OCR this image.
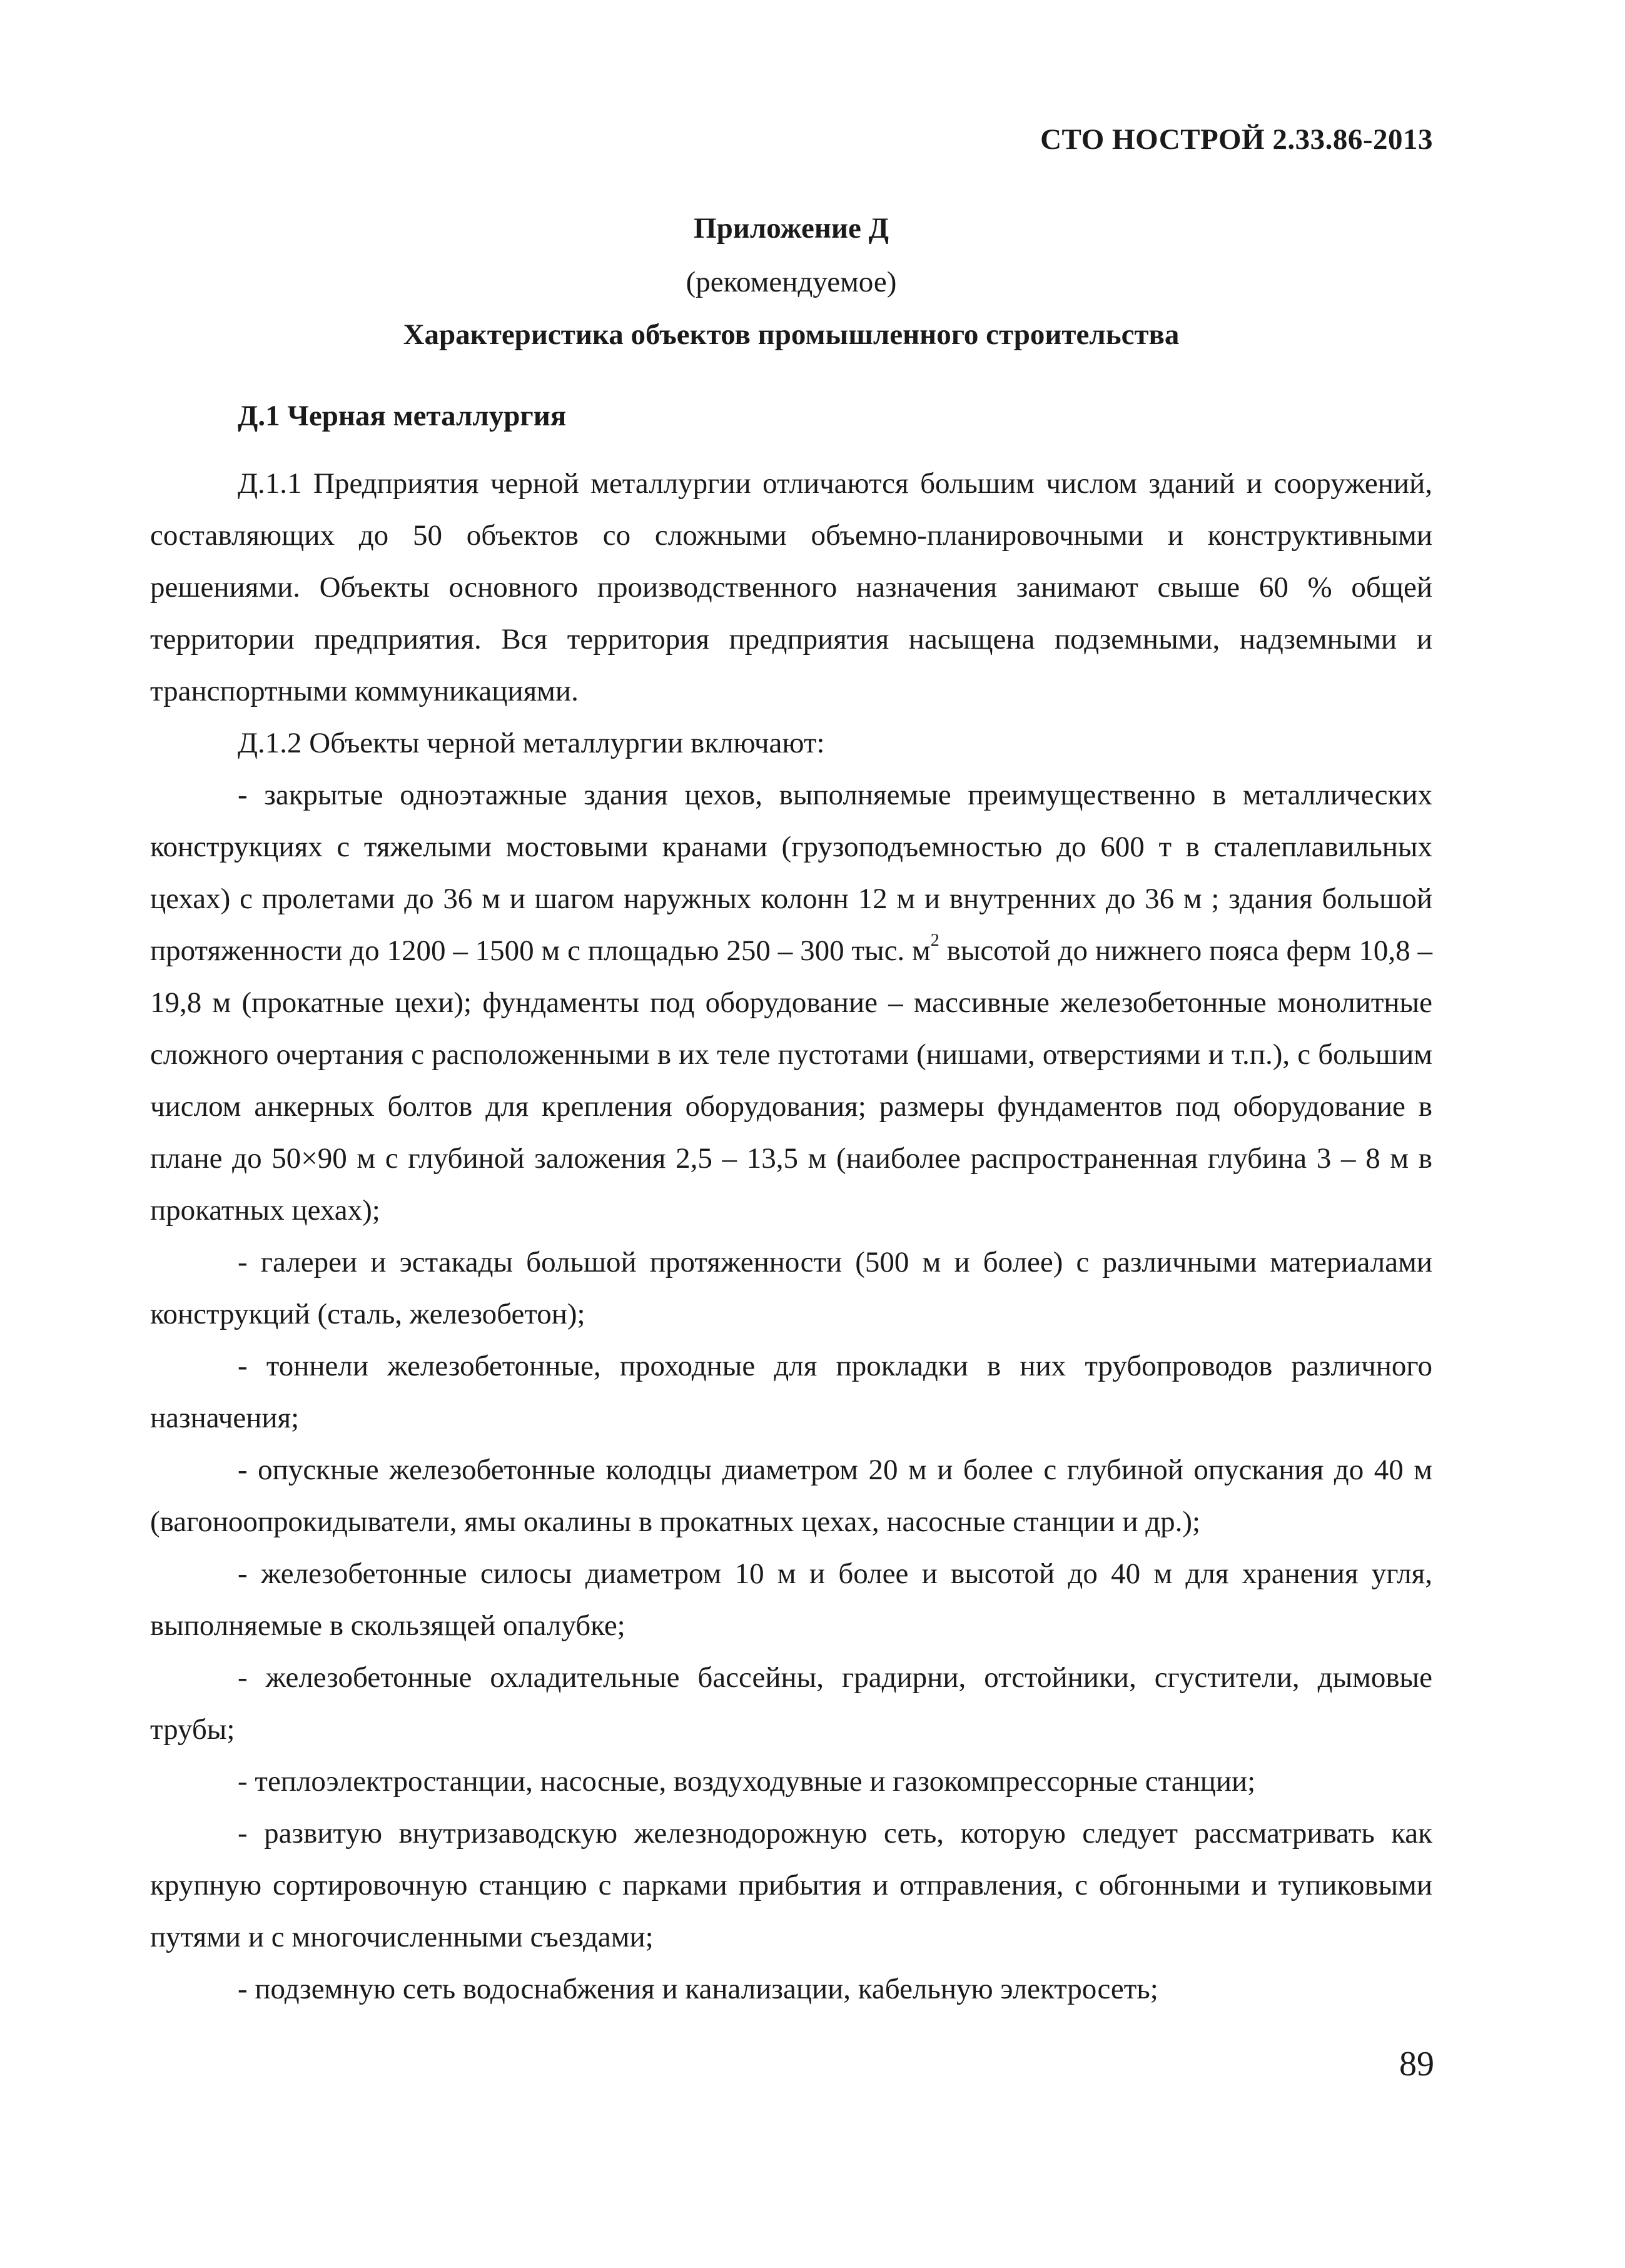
СТО НОСТРОЙ 2.33.86-2013
Приложение Д
(рекомендуемое)
Характеристика объектов промышленного строительства
Д.1 Черная металлургия

Д.1.1 Предприятия черной металлургии отличаются большим числом зданий и сооружений, составляющих до 50 объектов со сложными объемно-планировочными и конструктивными решениями. Объекты основного производственного назначения занимают свыше 60 % общей территории предприятия. Вся территория предприятия насыщена подземными, надземными и транспортными коммуникациями.

Д.1.2 Объекты черной металлургии включают:

- закрытые одноэтажные здания цехов, выполняемые преимущественно в металлических конструкциях с тяжелыми мостовыми кранами (грузоподъемностью до 600 т в сталеплавильных цехах) с пролетами до 36 м и шагом наружных колонн 12 м и внутренних до 36 м ; здания большой протяженности до 1200 – 1500 м с площадью 250 – 300 тыс. $м^2$ высотой до нижнего пояса ферм 10,8 – 19,8 м (прокатные цехи); фундаменты под оборудование – массивные железобетонные монолитные сложного очертания с расположенными в их теле пустотами (нишами, отверстиями и т.п.), с большим числом анкерных болтов для крепления оборудования; размеры фундаментов под оборудование в плане до 50×90 м с глубиной заложения 2,5 – 13,5 м (наиболее распространенная глубина 3 – 8 м в прокатных цехах);

- галереи и эстакады большой протяженности (500 м и более) с различными материалами конструкций (сталь, железобетон);

- тоннели железобетонные, проходные для прокладки в них трубопроводов различного назначения;

- опускные железобетонные колодцы диаметром 20 м и более с глубиной опускания до 40 м (вагоноопрокидыватели, ямы окалины в прокатных цехах, насосные станции и др.);

- железобетонные силосы диаметром 10 м и более и высотой до 40 м для хранения угля, выполняемые в скользящей опалубке;

- железобетонные охладительные бассейны, градирни, отстойники, сгустители, дымовые трубы;

- теплоэлектростанции, насосные, воздуходувные и газокомпрессорные станции;

- развитую внутризаводскую железнодорожную сеть, которую следует рассматривать как крупную сортировочную станцию с парками прибытия и отправления, с обгонными и тупиковыми путями и с многочисленными съездами;

- подземную сеть водоснабжения и канализации, кабельную электросеть;

89
